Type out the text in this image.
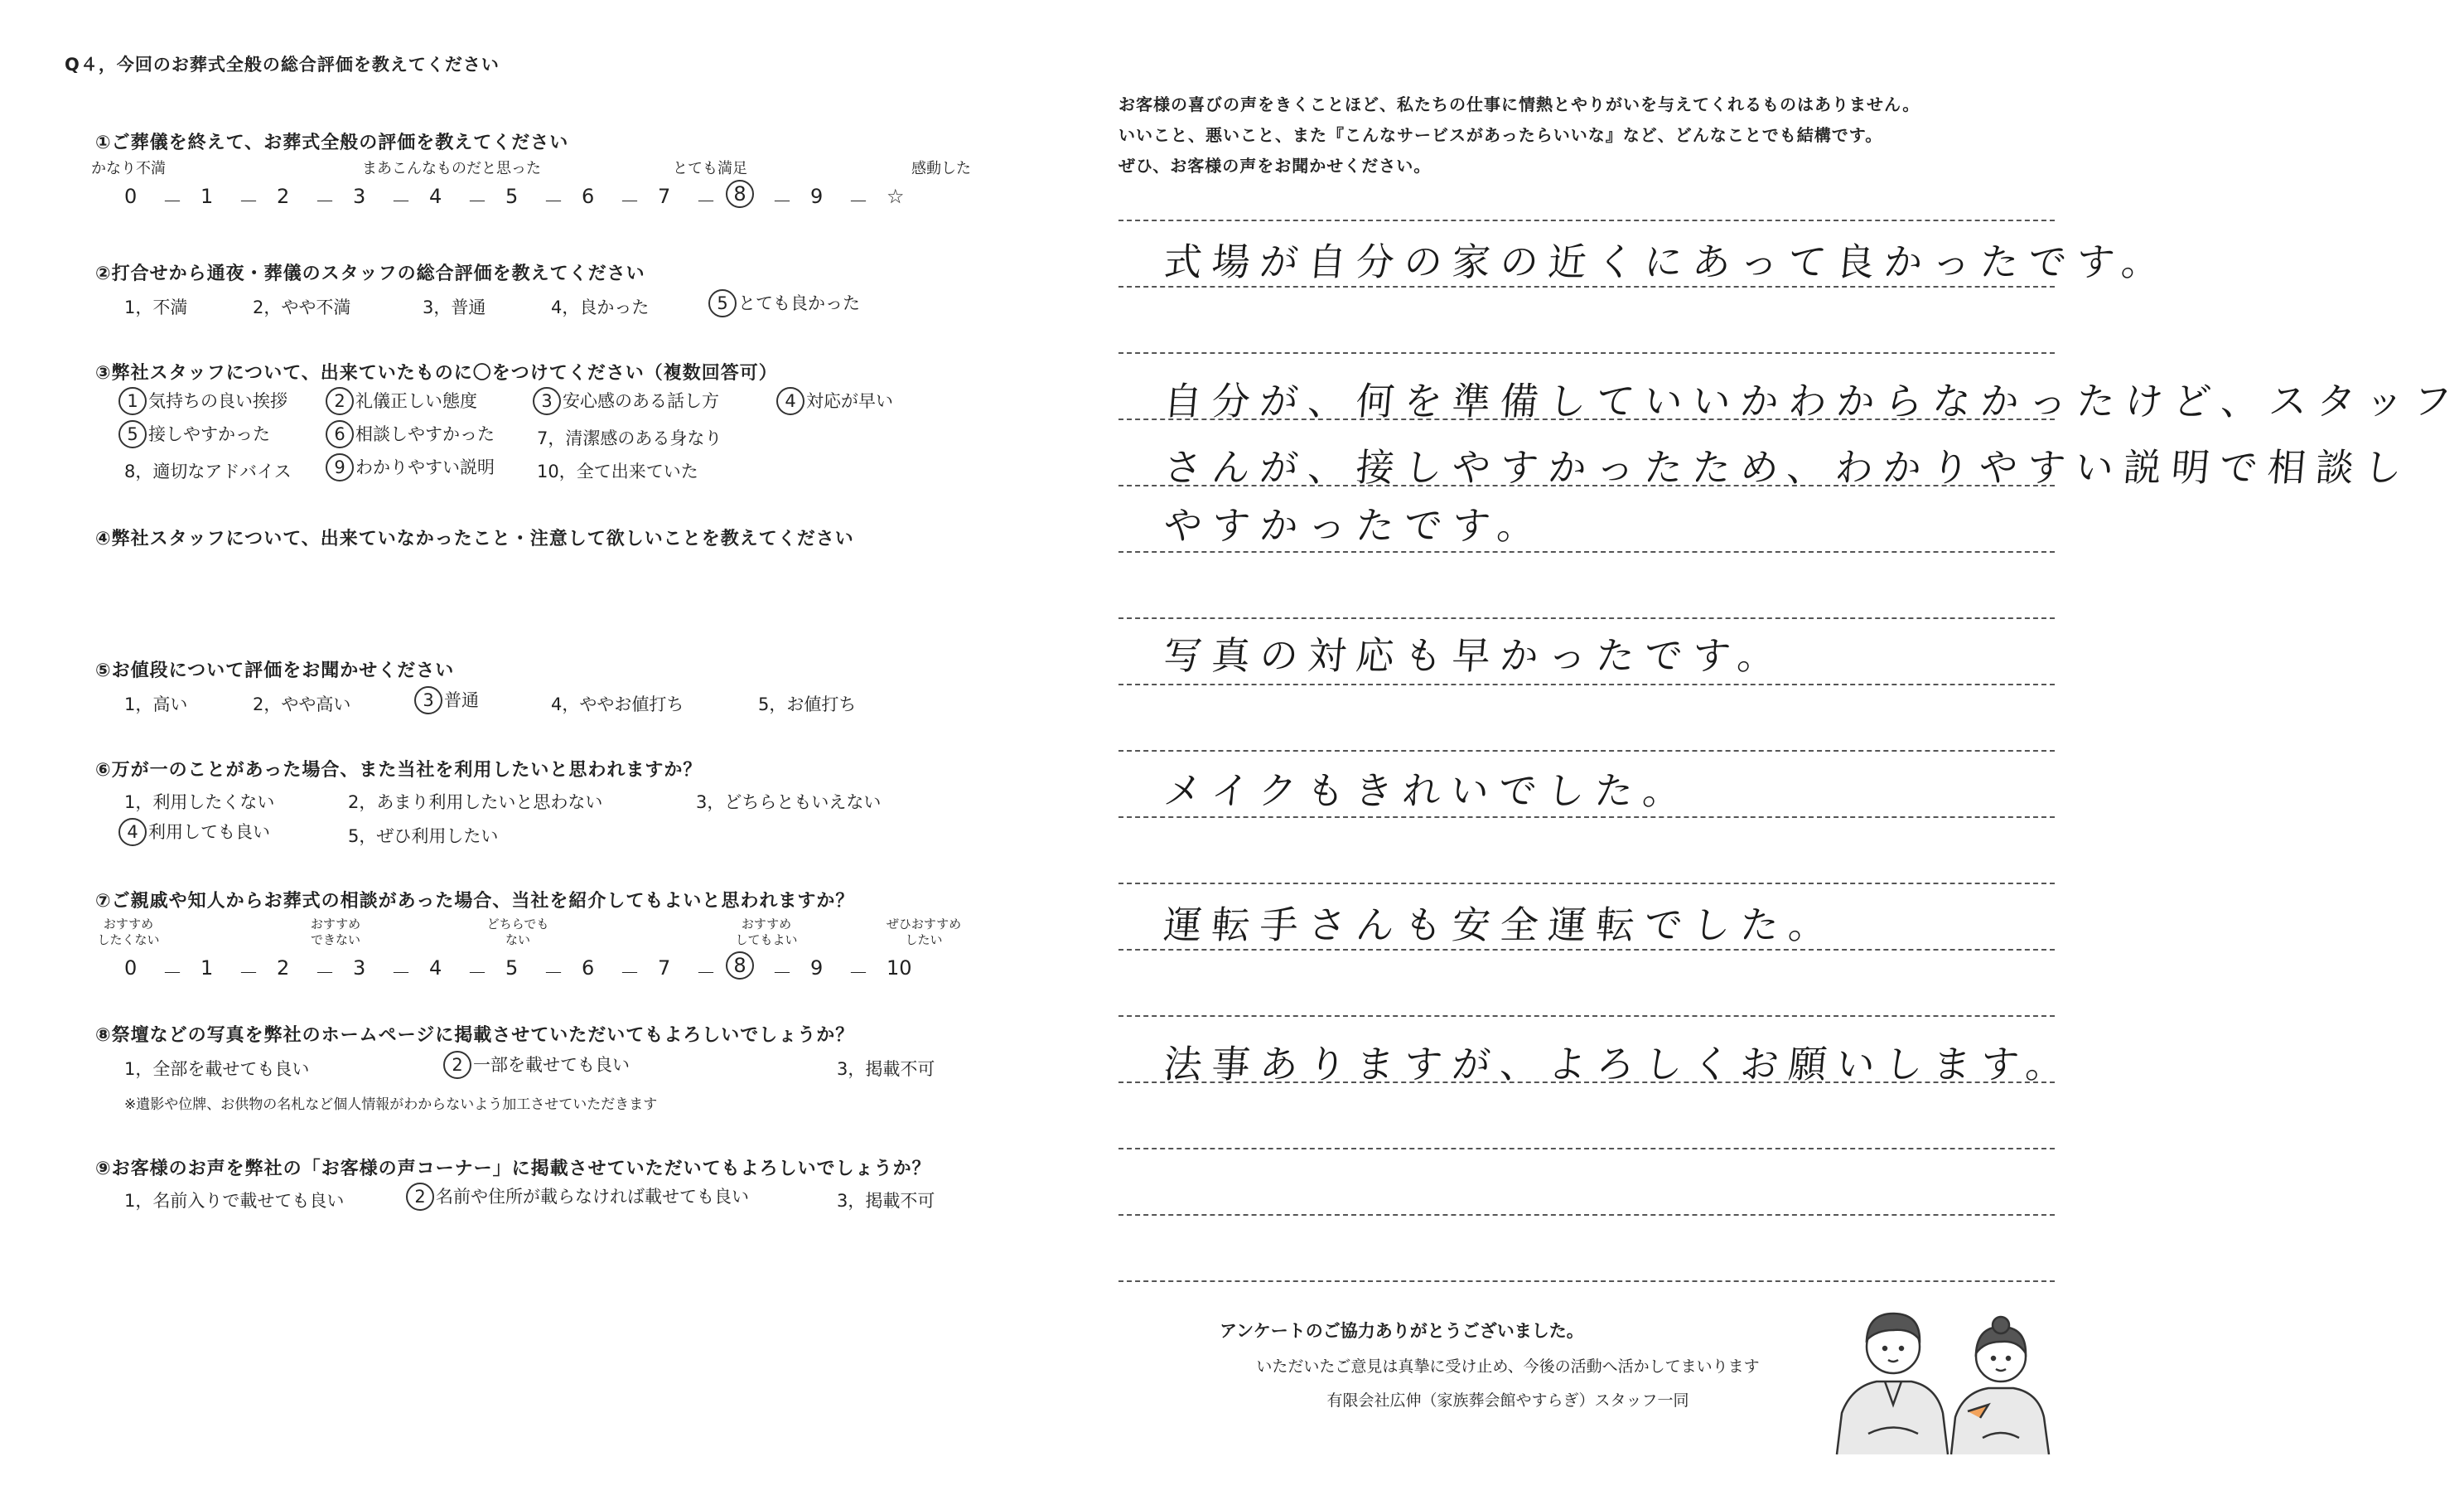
Q４，今回のお葬式全般の総合評価を教えてください
①ご葬儀を終えて、お葬式全般の評価を教えてください
かなり不満	まあこんなものだと思った	とても満足	感動した
0 － 1 － 2 － 3 － 4 － 5 － 6 － 7 － 8	－ 9 － ☆
②打合せから通夜・葬儀のスタッフの総合評価を教えてください
1，不満	2，やや不満	3，普通	4，良かった	5 とても良かった
③弊社スタッフについて、出来ていたものに〇をつけてください（複数回答可）
1 気持ちの良い挨拶	2 礼儀正しい態度	3 安心感のある話し方	4 対応が早い
5 接しやすかった	6 相談しやすかった 7，清潔感のある身なり
8，適切なアドバイス	9 わかりやすい説明 10，全て出来ていた
④弊社スタッフについて、出来ていなかったこと・注意して欲しいことを教えてください
⑤お値段について評価をお聞かせください
1，高い	2，やや高い	3 普通	4，ややお値打ち	5，お値打ち
⑥万が一のことがあった場合、また当社を利用したいと思われますか？
1，利用したくない	2，あまり利用したいと思わない	3，どちらともいえない
4 利用しても良い	5，ぜひ利用したい
⑦ご親戚や知人からお葬式の相談があった場合、当社を紹介してもよいと思われますか？
おすすめ
したくない
おすすめ
できない
どちらでも
ない
おすすめ
してもよい
ぜひおすすめ
したい
0 － 1 － 2 － 3 － 4 － 5 － 6 － 7 － 8	－ 9 － 10
⑧祭壇などの写真を弊社のホームページに掲載させていただいてもよろしいでしょうか？
1，全部を載せても良い	2 一部を載せても良い	3，掲載不可
※遺影や位牌、お供物の名札など個人情報がわからないよう加工させていただきます
⑨お客様のお声を弊社の「お客様の声コーナー」に掲載させていただいてもよろしいでしょうか？
1，名前入りで載せても良い	2 名前や住所が載らなければ載せても良い	3，掲載不可
お客様の喜びの声をきくことほど、私たちの仕事に情熱とやりがいを与えてくれるものはありません。
いいこと、悪いこと、また『こんなサービスがあったらいいな』など、どんなことでも結構です。
ぜひ、お客様の声をお聞かせください。
式場が自分の家の近くにあって良かったです。
自分が、何を準備していいかわからなかったけど、スタッフ
さんが、接しやすかったため、わかりやすい説明で相談し
やすかったです。
写真の対応も早かったです。
メイクもきれいでした。
運転手さんも安全運転でした。
法事ありますが、よろしくお願いします。
アンケートのご協力ありがとうございました。
いただいたご意見は真摯に受け止め、今後の活動へ活かしてまいります
有限会社広伸（家族葬会館やすらぎ）スタッフ一同
